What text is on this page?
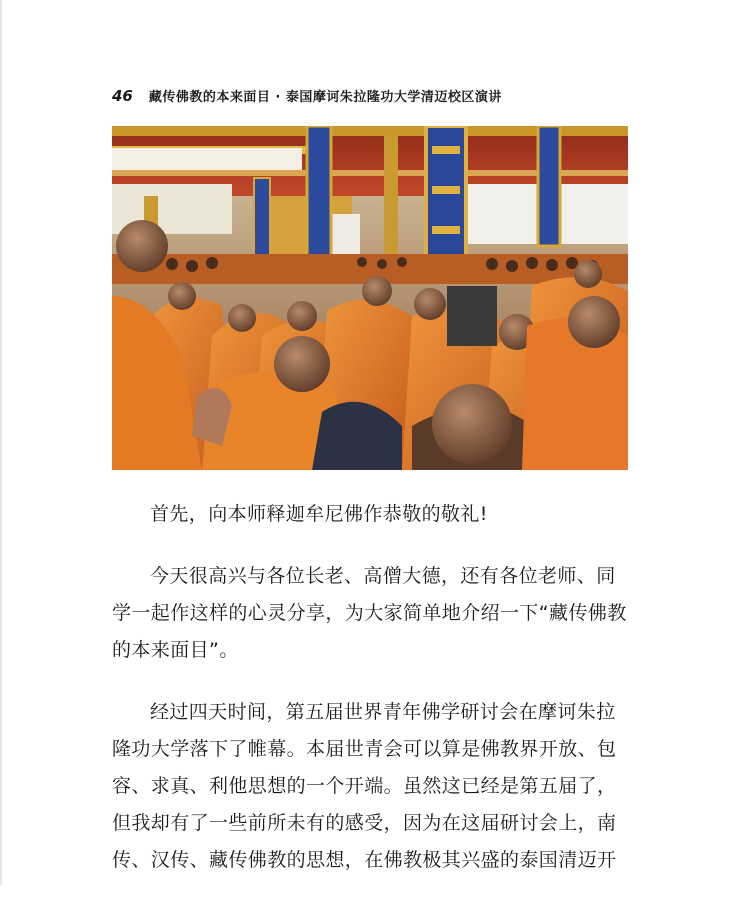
46 藏传佛教的本来面目 · 泰国摩诃朱拉隆功大学清迈校区演讲

首先，向本师释迦牟尼佛作恭敬的敬礼!

今天很高兴与各位长老、高僧大德，还有各位老师、同学一起作这样的心灵分享，为大家简单地介绍一下“藏传佛教的本来面目”。

经过四天时间，第五届世界青年佛学研讨会在摩诃朱拉隆功大学落下了帷幕。本届世青会可以算是佛教界开放、包容、求真、利他思想的一个开端。虽然这已经是第五届了，但我却有了一些前所未有的感受，因为在这届研讨会上，南传、汉传、藏传佛教的思想，在佛教极其兴盛的泰国清迈开
